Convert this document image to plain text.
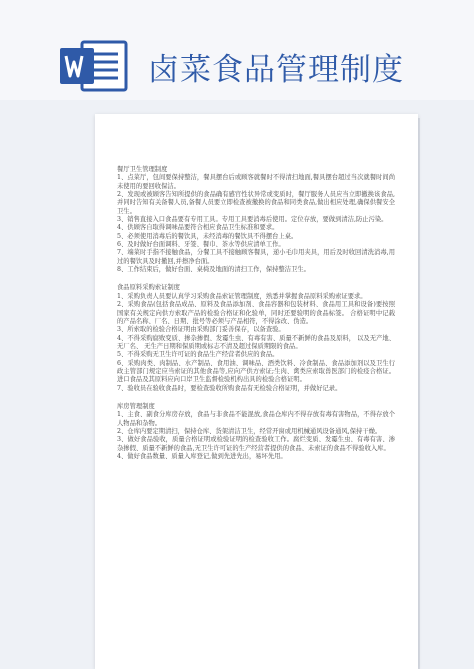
卤菜食品管理制度

餐厅卫生管理制度

1、点菜厅，包间要保持整洁，餐具摆台后或顾客就餐时不得清扫地面,餐具摆台超过当次就餐时间尚未使用的要回收保洁。

2、发现或被顾客告知所提供的食品确有感官性状异常或变质时，餐厅服务人员应当立即撤换该食品,并同时告知有关备餐人员,备餐人员要立即检查被撤换的食品和同类食品,做出相应处理,确保供餐安全卫生。

3、销售直接入口食品要有专用工具。专用工具要消毒后使用。定位存放，要做到清洁,防止污染。

4、供顾客自取得调味品要符合相应食品卫生标准和要求。

5、必须使用消毒后的餐饮具，未经消毒的餐饮具不得摆台上桌。

6、及时做好台面调料、牙签、餐巾、茶水等供应清单工作。

7、端菜时手指不接触食品，分餐工具不接触顾客餐具，递小毛巾用夹具，用后及时收回清洗消毒,用过的餐饮具及时撤回,并擦净台面。

8、工作结束后，做好台面、桌椅及地面的清扫工作，保持整洁卫生。

食品原料采购索证制度

1、采购负责人员要认真学习采购食品索证管理制度，熟悉并掌握食品原料采购索证要求。

2、采购食品(包括食品成品、原料及食品添加剂、食品容器和包装材料、食品用工具和设备)要按照国家有关规定向供方索取产品的检验合格证和化验单，同时还要验明的食品标签。 合格证明中记载的产品名称、厂名、日期、批号等必须与产品相符，不得涂改、伪造。

3、所索取的检验合格证明由采购部门妥善保存，以备查验。

4、不得采购腐败变质、掺杂掺假、发霉生虫、有毒有害、质量不新鲜的食品及原料， 以及无产地、 无厂名、 无生产日期和保质期或标志不清及超过保质期限的食品。

5、不得采购无卫生许可证的食品生产经营者供应的食品。

6、采购肉类、肉制品、水产制品、食用油、调味品、酒类饮料、冷食制品、食品添加剂以及卫生行政主管部门规定应当索证的其他食品等,应向产供方索证;生肉、禽类应索取兽医部门的检疫合格证。 进口食品及其原料应向口岸卫生监督检验机构出具的检验合格证明。

7、验收员在验收食品时，要检查验收所购食品有无检验合格证明，并做好记录。

库房管理制度

1、主食、副食分库房存放，食品与非食品不能混放,食品仓库内不得存放有毒有害物品，不得存放个人物品和杂物。

2、仓库内要定期清扫，保持仓库、货架清洁卫生，经常开窗或用机械通风设备通风,保持干燥。

3、做好食品验收，质量合格证明或检验证明的检查验收工作。腐烂变质、发霉生虫、有毒有害、渗杂掺假、质量不新鲜的食品,无卫生许可证的生产经营者提供的食品、未索证的食品不得验收入库。

4、做好食品数量、质量入库登记,做到先进先出，易坏先用。
